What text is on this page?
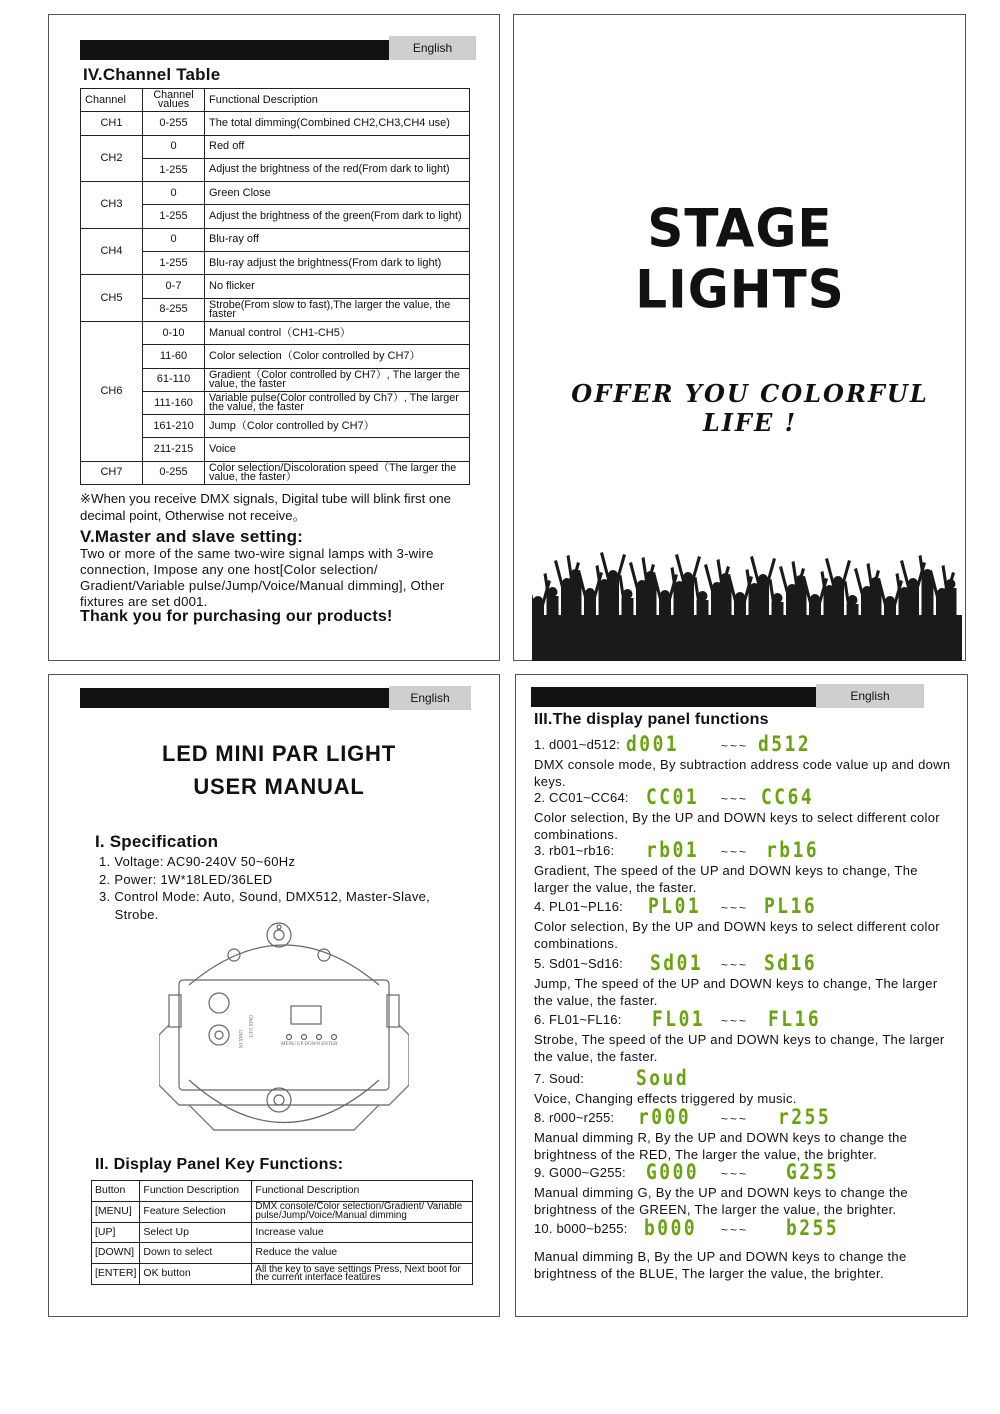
English
IV.Channel Table
Channel	Channel values	Functional Description
CH1	0-255	The total dimming(Combined CH2,CH3,CH4 use)
CH2	0	Red off
	1-255	Adjust the brightness of the red(From dark to light)
CH3	0	Green Close
	1-255	Adjust the brightness of the green(From dark to light)
CH4	0	Blu-ray off
	1-255	Blu-ray adjust the brightness(From dark to light)
CH5	0-7	No flicker
	8-255	Strobe(From slow to fast),The larger the value, the faster
CH6	0-10	Manual control（CH1-CH5）
	11-60	Color selection（Color controlled by CH7）
	61-110	Gradient（Color controlled by CH7）, The larger the value, the faster
	111-160	Variable pulse(Color controlled by Ch7）, The larger the value, the faster
	161-210	Jump（Color controlled by CH7）
	211-215	Voice
CH7	0-255	Color selection/Discoloration speed（The larger the value, the faster）
※When you receive DMX signals, Digital tube will blink first one decimal point, Otherwise not receive。
V.Master and slave setting:
Two or more of the same two-wire signal lamps with 3-wire connection, Impose any one host[Color selection/ Gradient/Variable pulse/Jump/Voice/Manual dimming], Other fixtures are set d001.
Thank you for purchasing our products!
STAGE LIGHTS
OFFER YOU COLORFUL LIFE !
English
LED MINI PAR LIGHT
USER MANUAL
I. Specification
1. Voltage: AC90-240V 50~60Hz
2. Power: 1W*18LED/36LED
3. Control Mode: Auto, Sound, DMX512, Master-Slave,
Strobe.
DMX OUT
DMX IN	MENU UP DOWN ENTER
II. Display Panel Key Functions:
Button	Function Description	Functional Description
[MENU]	Feature Selection	DMX console/Color selection/Gradient/ Variable pulse/Jump/Voice/Manual dimming
[UP]	Select Up	Increase value
[DOWN]	Down to select	Reduce the value
[ENTER]	OK button	All the key to save settings Press, Next boot for the current interface features
English
III.The display panel functions
1. d001~d512: d001	~~~ d512
DMX console mode, By subtraction address code value up and down keys.
2. CC01~CC64: CC01 ~~~ CC64
Color selection, By the UP and DOWN keys to select different color combinations.
3. rb01~rb16: rb01 ~~~ rb16
Gradient, The speed of the UP and DOWN keys to change, The larger the value, the faster.
4. PL01~PL16: PL01 ~~~ PL16
Color selection, By the UP and DOWN keys to select different color combinations.
5. Sd01~Sd16: Sd01 ~~~ Sd16
Jump, The speed of the UP and DOWN keys to change, The larger the value, the faster.
6. FL01~FL16: FL01 ~~~ FL16
Strobe, The speed of the UP and DOWN keys to change, The larger the value, the faster.
7. Soud: Soud
Voice, Changing effects triggered by music.
8. r000~r255: r000 ~~~ r255
Manual dimming R, By the UP and DOWN keys to change the brightness of the RED, The larger the value, the brighter.
9. G000~G255: G000 ~~~ G255
Manual dimming G, By the UP and DOWN keys to change the brightness of the GREEN, The larger the value, the brighter.
10. b000~b255: b000 ~~~ b255
Manual dimming B, By the UP and DOWN keys to change the brightness of the BLUE, The larger the value, the brighter.
